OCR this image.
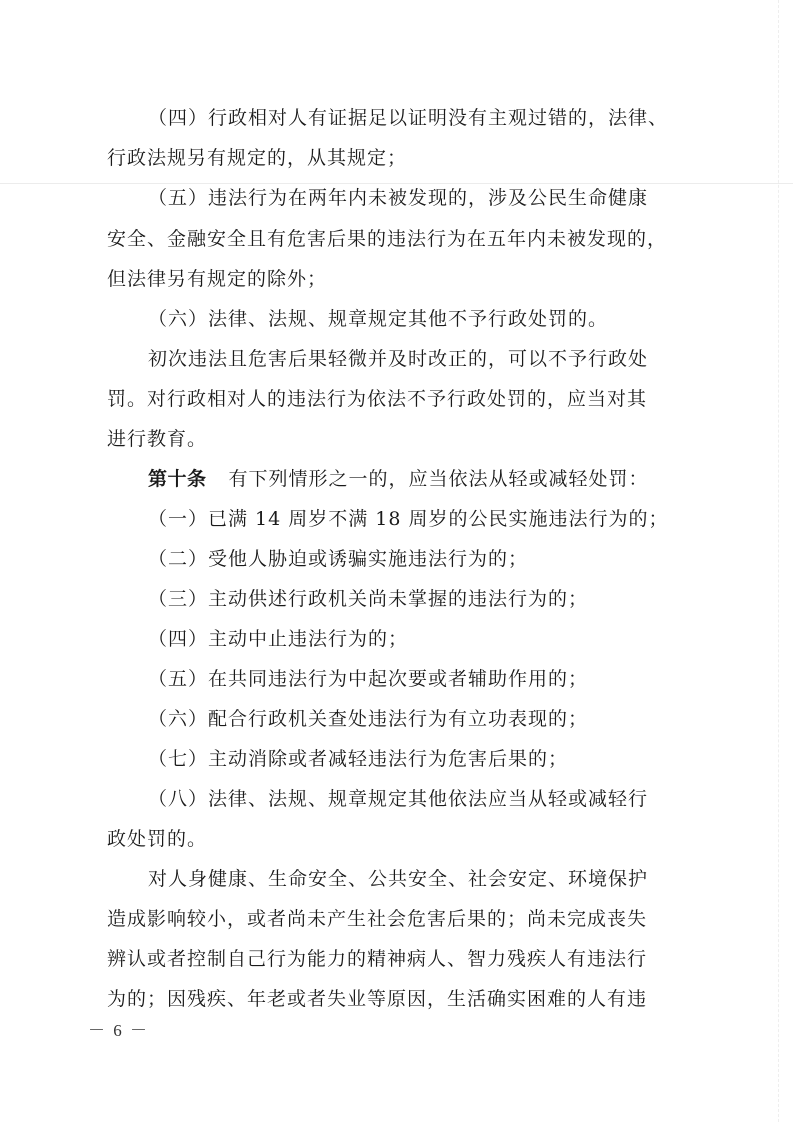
（四）行政相对人有证据足以证明没有主观过错的，法律、
行政法规另有规定的，从其规定；
（五）违法行为在两年内未被发现的，涉及公民生命健康
安全、金融安全且有危害后果的违法行为在五年内未被发现的，
但法律另有规定的除外；
（六）法律、法规、规章规定其他不予行政处罚的。
初次违法且危害后果轻微并及时改正的，可以不予行政处
罚。对行政相对人的违法行为依法不予行政处罚的，应当对其
进行教育。
第十条 有下列情形之一的，应当依法从轻或减轻处罚：
（一）已满 14 周岁不满 18 周岁的公民实施违法行为的；
（二）受他人胁迫或诱骗实施违法行为的；
（三）主动供述行政机关尚未掌握的违法行为的；
（四）主动中止违法行为的；
（五）在共同违法行为中起次要或者辅助作用的；
（六）配合行政机关查处违法行为有立功表现的；
（七）主动消除或者减轻违法行为危害后果的；
（八）法律、法规、规章规定其他依法应当从轻或减轻行
政处罚的。
对人身健康、生命安全、公共安全、社会安定、环境保护
造成影响较小，或者尚未产生社会危害后果的；尚未完成丧失
辨认或者控制自己行为能力的精神病人、智力残疾人有违法行
为的；因残疾、年老或者失业等原因，生活确实困难的人有违
－ 6 －
